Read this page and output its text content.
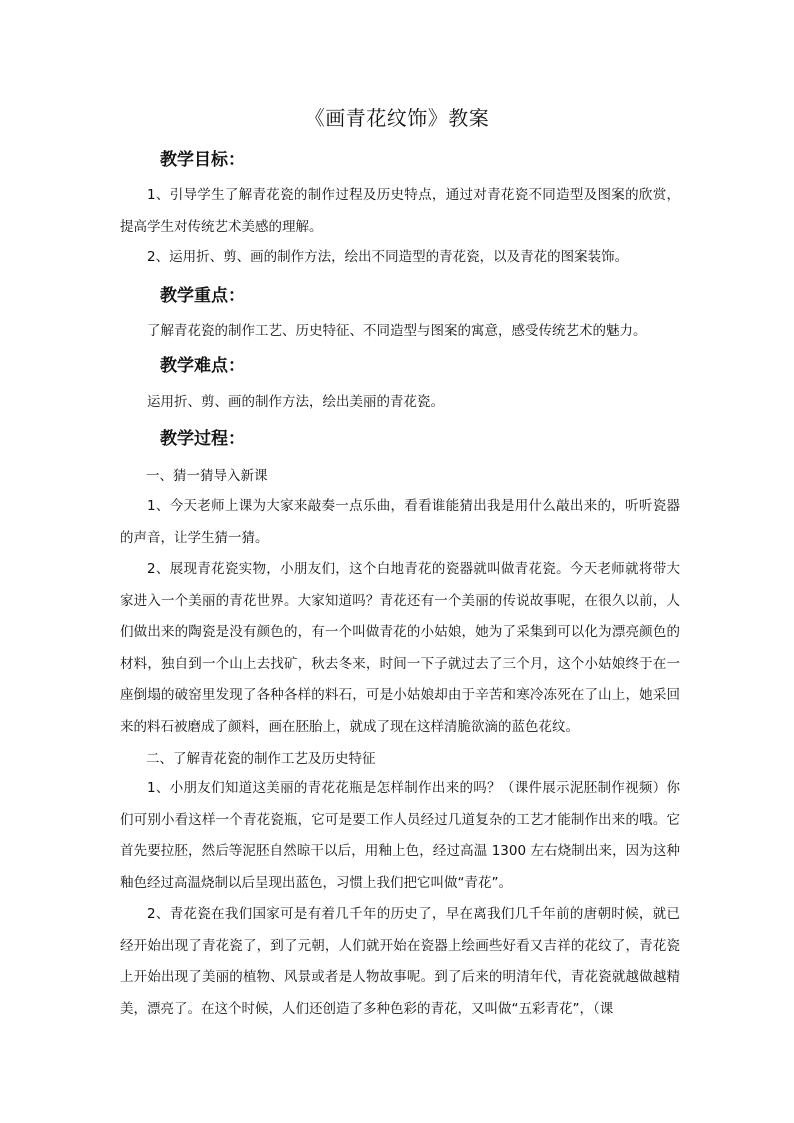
《画青花纹饰》教案
教学目标：
1、引导学生了解青花瓷的制作过程及历史特点，通过对青花瓷不同造型及图案的欣赏，提高学生对传统艺术美感的理解。
2、运用折、剪、画的制作方法，绘出不同造型的青花瓷，以及青花的图案装饰。
教学重点：
了解青花瓷的制作工艺、历史特征、不同造型与图案的寓意，感受传统艺术的魅力。
教学难点：
运用折、剪、画的制作方法，绘出美丽的青花瓷。
教学过程：
一、猜一猜导入新课
1、今天老师上课为大家来敲奏一点乐曲，看看谁能猜出我是用什么敲出来的，听听瓷器的声音，让学生猜一猜。
2、展现青花瓷实物，小朋友们，这个白地青花的瓷器就叫做青花瓷。今天老师就将带大家进入一个美丽的青花世界。大家知道吗？青花还有一个美丽的传说故事呢，在很久以前，人们做出来的陶瓷是没有颜色的，有一个叫做青花的小姑娘，她为了采集到可以化为漂亮颜色的材料，独自到一个山上去找矿，秋去冬来，时间一下子就过去了三个月，这个小姑娘终于在一座倒塌的破窑里发现了各种各样的料石，可是小姑娘却由于辛苦和寒冷冻死在了山上，她采回来的料石被磨成了颜料，画在胚胎上，就成了现在这样清脆欲滴的蓝色花纹。
二、了解青花瓷的制作工艺及历史特征
1、小朋友们知道这美丽的青花花瓶是怎样制作出来的吗？（课件展示泥胚制作视频）你们可别小看这样一个青花瓷瓶，它可是要工作人员经过几道复杂的工艺才能制作出来的哦。它首先要拉胚，然后等泥胚自然晾干以后，用釉上色，经过高温 1300 左右烧制出来，因为这种釉色经过高温烧制以后呈现出蓝色，习惯上我们把它叫做“青花”。
2、青花瓷在我们国家可是有着几千年的历史了，早在离我们几千年前的唐朝时候，就已经开始出现了青花瓷了，到了元朝，人们就开始在瓷器上绘画些好看又吉祥的花纹了，青花瓷上开始出现了美丽的植物、风景或者是人物故事呢。到了后来的明清年代，青花瓷就越做越精美，漂亮了。在这个时候，人们还创造了多种色彩的青花，又叫做“五彩青花”，（课
